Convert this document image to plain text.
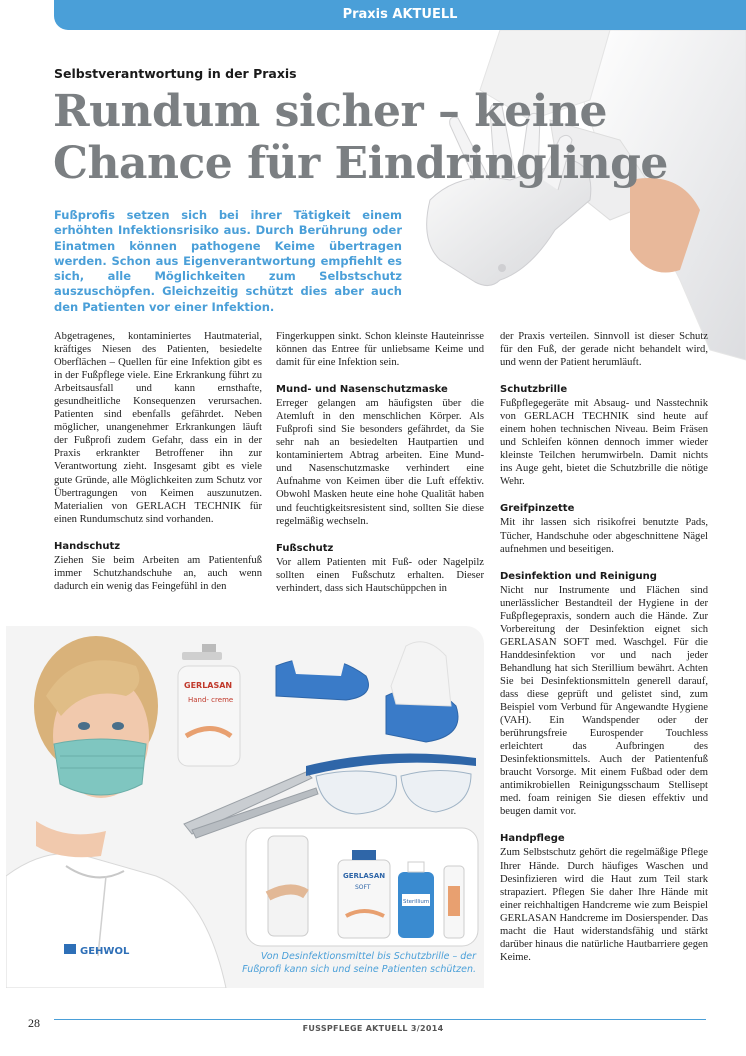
Praxis AKTUELL
Selbstverantwortung in der Praxis
Rundum sicher – keine Chance für Eindringlinge
Fußprofis setzen sich bei ihrer Tätigkeit einem erhöhten Infektionsrisiko aus. Durch Berührung oder Einatmen können pathogene Keime übertragen werden. Schon aus Eigenverantwortung empfiehlt es sich, alle Möglichkeiten zum Selbstschutz auszuschöpfen. Gleichzeitig schützt dies aber auch den Patienten vor einer Infektion.

Abgetragenes, kontaminiertes Hautmaterial, kräftiges Niesen des Patienten, besiedelte Oberflächen – Quellen für eine Infektion gibt es in der Fußpflege viele. Eine Erkrankung führt zu Arbeitsausfall und kann ernsthafte, gesundheitliche Konsequenzen verursachen. Patienten sind ebenfalls gefährdet. Neben möglicher, unangenehmer Erkrankungen läuft der Fußprofi zudem Gefahr, dass ein in der Praxis erkrankter Betroffener ihn zur Verantwortung zieht. Insgesamt gibt es viele gute Gründe, alle Möglichkeiten zum Schutz vor Übertragungen von Keimen auszunutzen. Materialien von GERLACH TECHNIK für einen Rundumschutz sind vorhanden.

Handschutz

Ziehen Sie beim Arbeiten am Patientenfuß immer Schutzhandschuhe an, auch wenn dadurch ein wenig das Feingefühl in den

Fingerkuppen sinkt. Schon kleinste Hauteinrisse können das Entree für unliebsame Keime und damit für eine Infektion sein.

Mund- und Nasenschutzmaske

Erreger gelangen am häufigsten über die Atemluft in den menschlichen Körper. Als Fußprofi sind Sie besonders gefährdet, da Sie sehr nah an besiedelten Hautpartien und kontaminiertem Abtrag arbeiten. Eine Mund- und Nasenschutzmaske verhindert eine Aufnahme von Keimen über die Luft effektiv. Obwohl Masken heute eine hohe Qualität haben und feuchtigkeitsresistent sind, sollten Sie diese regelmäßig wechseln.

Fußschutz

Vor allem Patienten mit Fuß- oder Nagelpilz sollten einen Fußschutz erhalten. Dieser verhindert, dass sich Hautschüppchen in

der Praxis verteilen. Sinnvoll ist dieser Schutz für den Fuß, der gerade nicht behandelt wird, und wenn der Patient herumläuft.

Schutzbrille

Fußpflegegeräte mit Absaug- und Nasstechnik von GERLACH TECHNIK sind heute auf einem hohen technischen Niveau. Beim Fräsen und Schleifen können dennoch immer wieder kleinste Teilchen herumwirbeln. Damit nichts ins Auge geht, bietet die Schutzbrille die nötige Wehr.

Greifpinzette

Mit ihr lassen sich risikofrei benutzte Pads, Tücher, Handschuhe oder abgeschnittene Nägel aufnehmen und beseitigen.

Desinfektion und Reinigung

Nicht nur Instrumente und Flächen sind unerlässlicher Bestandteil der Hygiene in der Fußpflegepraxis, sondern auch die Hände. Zur Vorbereitung der Desinfektion eignet sich GERLASAN SOFT med. Waschgel. Für die Handdesinfektion vor und nach jeder Behandlung hat sich Sterillium bewährt. Achten Sie bei Desinfektionsmitteln generell darauf, dass diese geprüft und gelistet sind, zum Beispiel vom Verbund für Angewandte Hygiene (VAH). Ein Wandspender oder der berührungsfreie Eurospender Touchless erleichtert das Aufbringen des Desinfektionsmittels. Auch der Patientenfuß braucht Vorsorge. Mit einem Fußbad oder dem antimikrobiellen Reinigungsschaum Stellisept med. foam reinigen Sie diesen effektiv und beugen damit vor.

Handpflege

Zum Selbstschutz gehört die regelmäßige Pflege Ihrer Hände. Durch häufiges Waschen und Desinfizieren wird die Haut zum Teil stark strapaziert. Pflegen Sie daher Ihre Hände mit einer reichhaltigen Handcreme wie zum Beispiel GERLASAN Handcreme im Dosierspender. Das macht die Haut widerstandsfähig und stärkt darüber hinaus die natürliche Hautbarriere gegen Keime.

GEHWOL
GERLASAN
Hand- creme
GERLASAN
SOFT
Sterillium
Von Desinfektionsmittel bis Schutzbrille – der Fußprofi kann sich und seine Patienten schützen.
28	FUSSPFLEGE AKTUELL 3/2014
